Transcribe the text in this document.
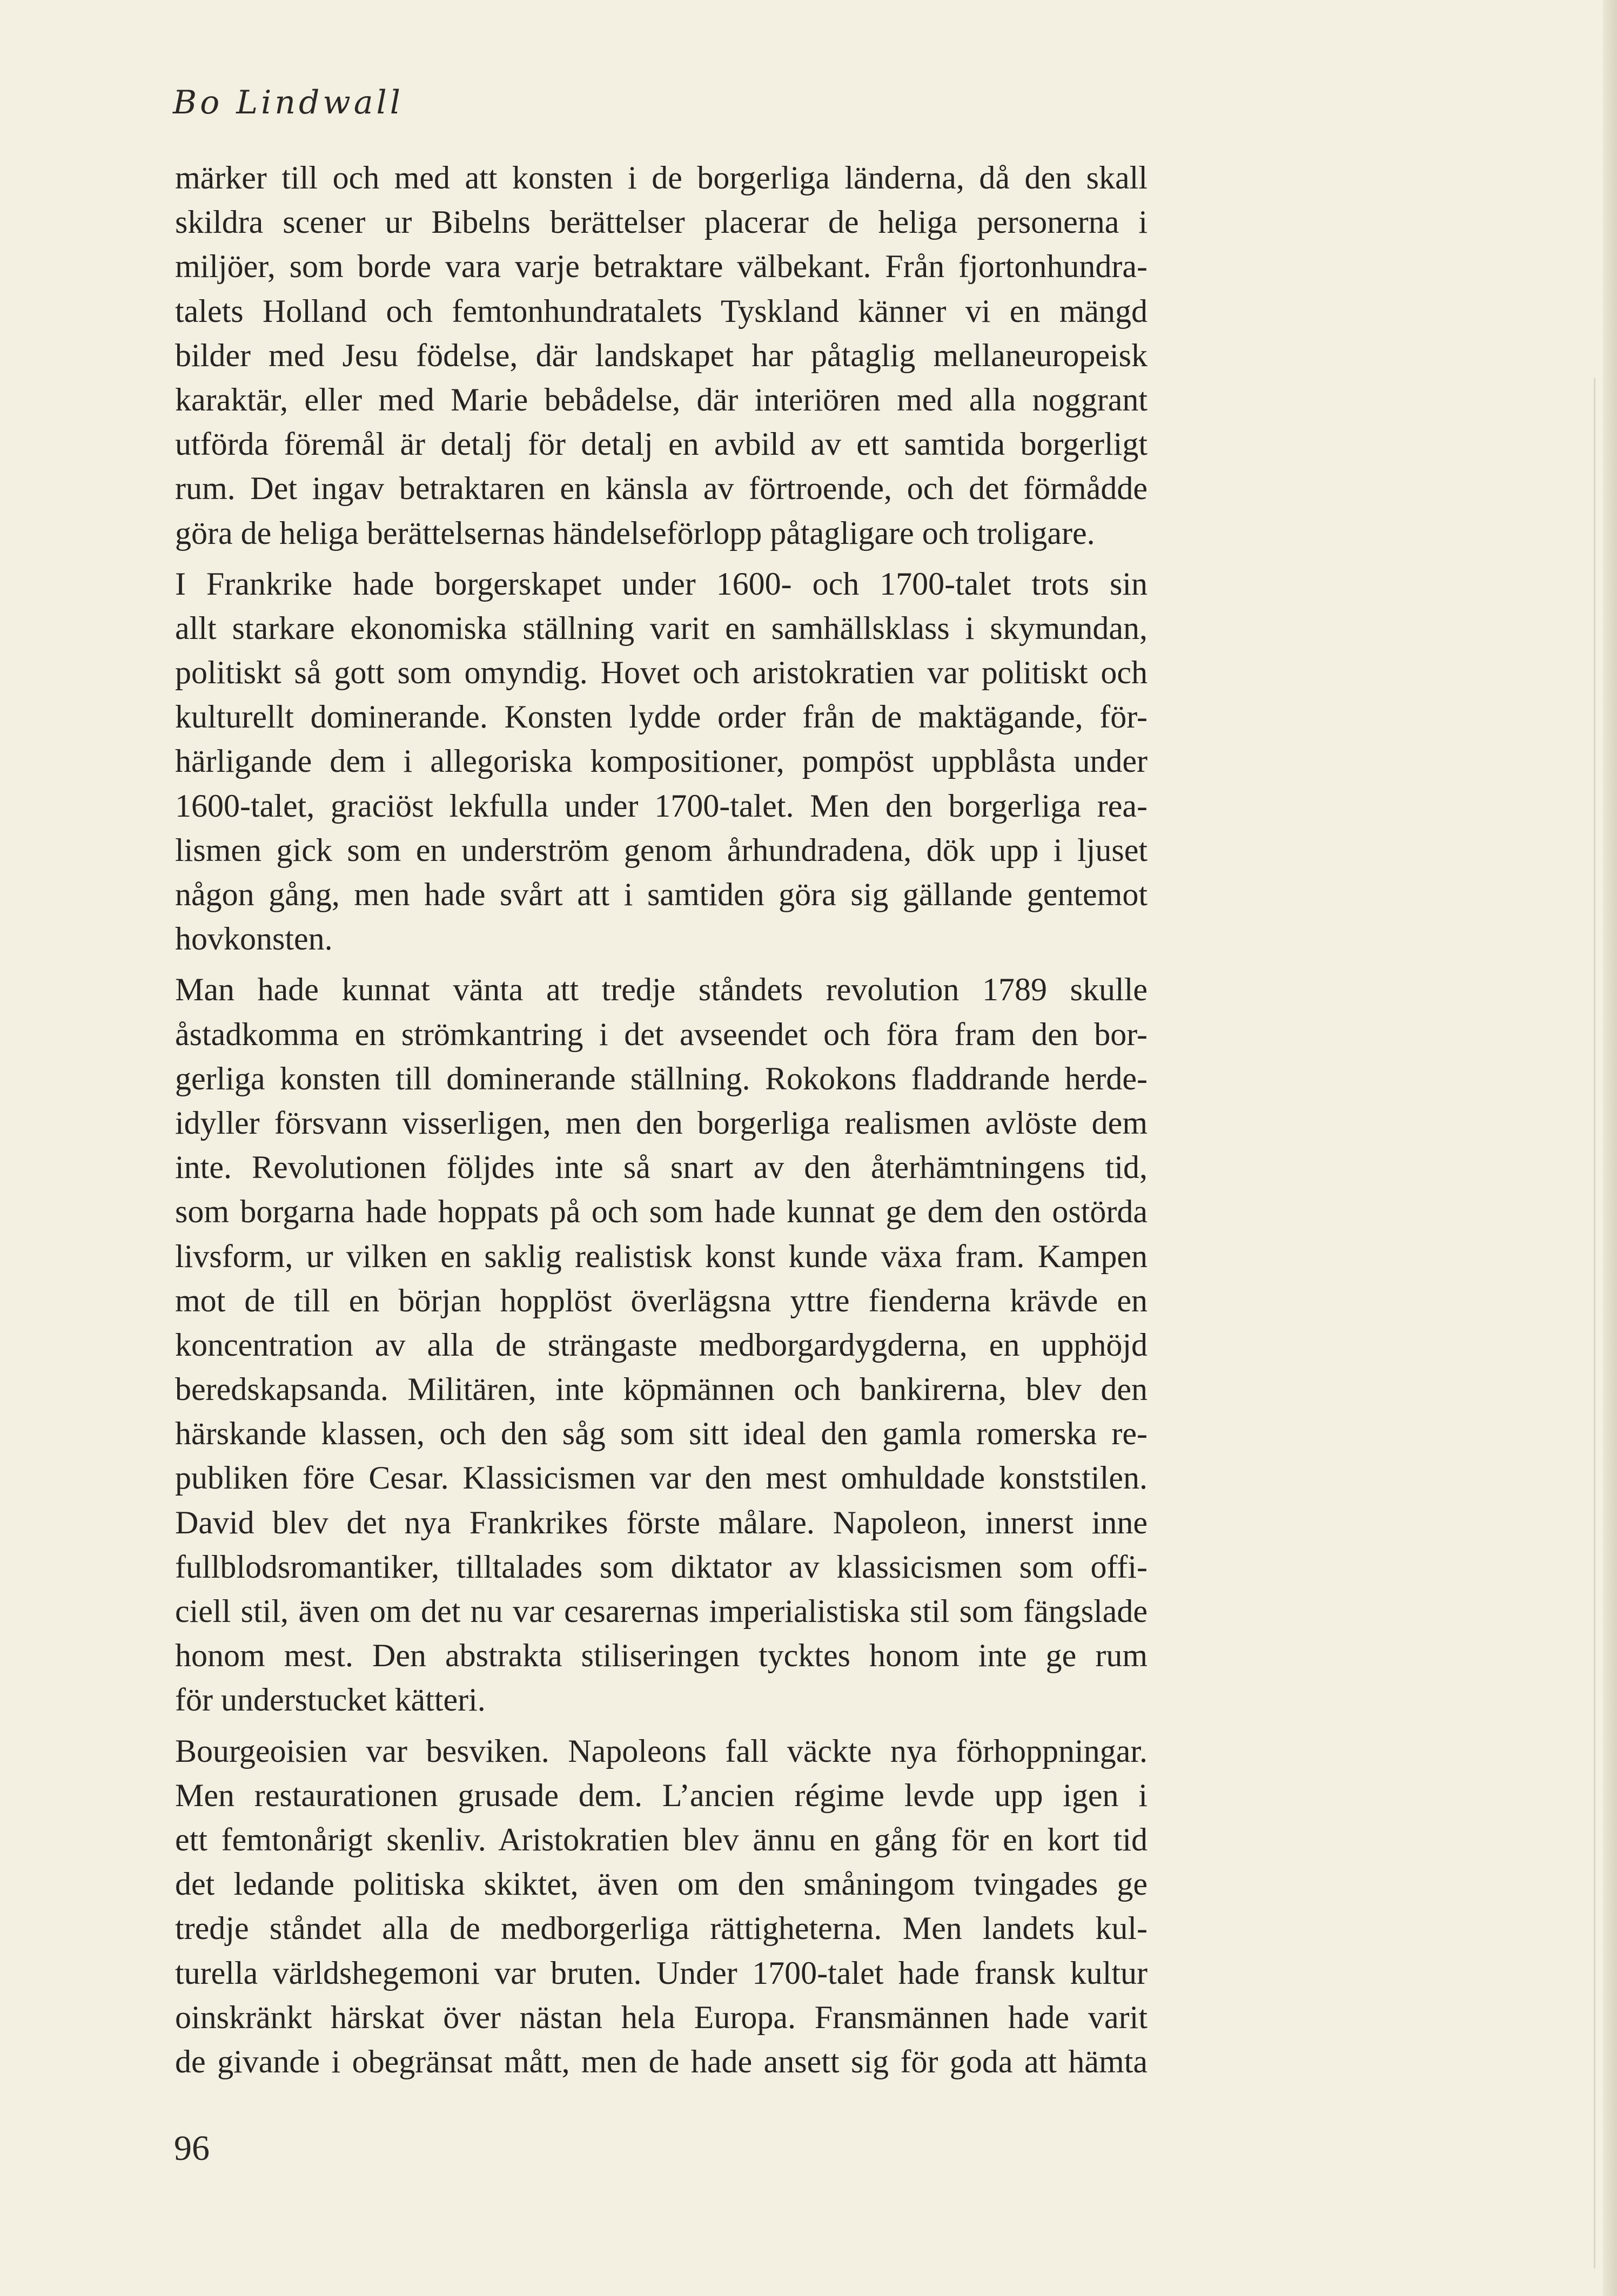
Bo Lindwall
märker till och med att konsten i de borgerliga länderna, då den skall
skildra scener ur Bibelns berättelser placerar de heliga personerna i
miljöer, som borde vara varje betraktare välbekant. Från fjortonhundra-
talets Holland och femtonhundratalets Tyskland känner vi en mängd
bilder med Jesu födelse, där landskapet har påtaglig mellaneuropeisk
karaktär, eller med Marie bebådelse, där interiören med alla noggrant
utförda föremål är detalj för detalj en avbild av ett samtida borgerligt
rum. Det ingav betraktaren en känsla av förtroende, och det förmådde
göra de heliga berättelsernas händelseförlopp påtagligare och troligare.
I Frankrike hade borgerskapet under 1600- och 1700-talet trots sin
allt starkare ekonomiska ställning varit en samhällsklass i skymundan,
politiskt så gott som omyndig. Hovet och aristokratien var politiskt och
kulturellt dominerande. Konsten lydde order från de maktägande, för-
härligande dem i allegoriska kompositioner, pompöst uppblåsta under
1600-talet, graciöst lekfulla under 1700-talet. Men den borgerliga rea-
lismen gick som en underström genom århundradena, dök upp i ljuset
någon gång, men hade svårt att i samtiden göra sig gällande gentemot
hovkonsten.
Man hade kunnat vänta att tredje ståndets revolution 1789 skulle
åstadkomma en strömkantring i det avseendet och föra fram den bor-
gerliga konsten till dominerande ställning. Rokokons fladdrande herde-
idyller försvann visserligen, men den borgerliga realismen avlöste dem
inte. Revolutionen följdes inte så snart av den återhämtningens tid,
som borgarna hade hoppats på och som hade kunnat ge dem den ostörda
livsform, ur vilken en saklig realistisk konst kunde växa fram. Kampen
mot de till en början hopplöst överlägsna yttre fienderna krävde en
koncentration av alla de strängaste medborgardygderna, en upphöjd
beredskapsanda. Militären, inte köpmännen och bankirerna, blev den
härskande klassen, och den såg som sitt ideal den gamla romerska re-
publiken före Cesar. Klassicismen var den mest omhuldade konststilen.
David blev det nya Frankrikes förste målare. Napoleon, innerst inne
fullblodsromantiker, tilltalades som diktator av klassicismen som offi-
ciell stil, även om det nu var cesarernas imperialistiska stil som fängslade
honom mest. Den abstrakta stiliseringen tycktes honom inte ge rum
för understucket kätteri.
Bourgeoisien var besviken. Napoleons fall väckte nya förhoppningar.
Men restaurationen grusade dem. L’ancien régime levde upp igen i
ett femtonårigt skenliv. Aristokratien blev ännu en gång för en kort tid
det ledande politiska skiktet, även om den småningom tvingades ge
tredje ståndet alla de medborgerliga rättigheterna. Men landets kul-
turella världshegemoni var bruten. Under 1700-talet hade fransk kultur
oinskränkt härskat över nästan hela Europa. Fransmännen hade varit
de givande i obegränsat mått, men de hade ansett sig för goda att hämta
96
